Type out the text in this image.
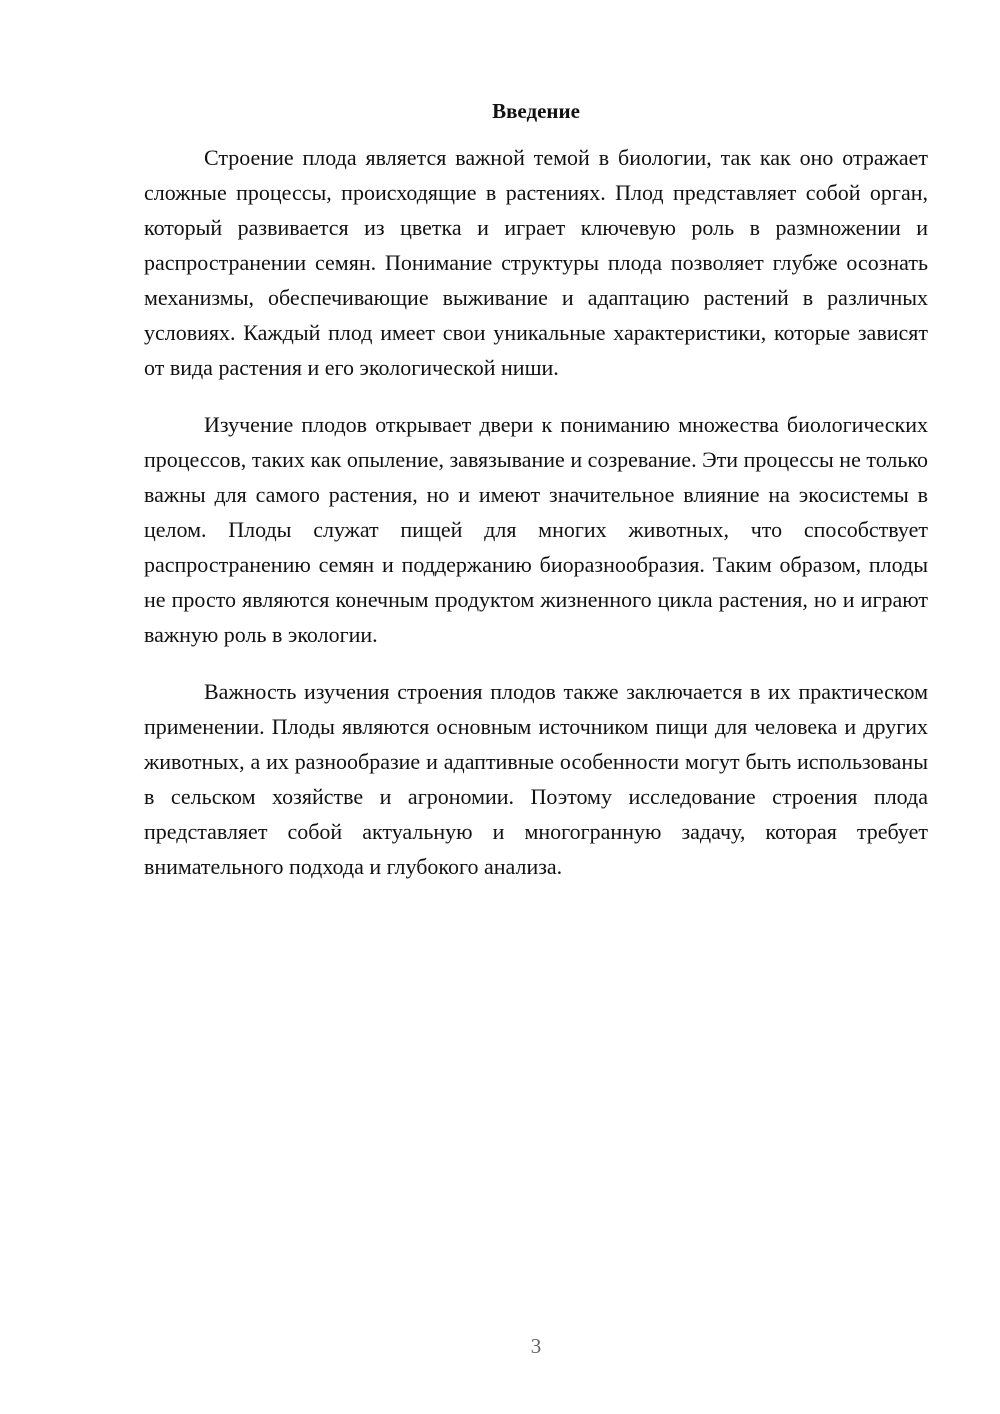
Введение

Строение плода является важной темой в биологии, так как оно отражает сложные процессы, происходящие в растениях. Плод представляет собой орган, который развивается из цветка и играет ключевую роль в размножении и распространении семян. Понимание структуры плода позволяет глубже осознать механизмы, обеспечивающие выживание и адаптацию растений в различных условиях. Каждый плод имеет свои уникальные характеристики, которые зависят от вида растения и его экологической ниши.

Изучение плодов открывает двери к пониманию множества биологических процессов, таких как опыление, завязывание и созревание. Эти процессы не только важны для самого растения, но и имеют значительное влияние на экосистемы в целом. Плоды служат пищей для многих животных, что способствует распространению семян и поддержанию биоразнообразия. Таким образом, плоды не просто являются конечным продуктом жизненного цикла растения, но и играют важную роль в экологии.

Важность изучения строения плодов также заключается в их практическом применении. Плоды являются основным источником пищи для человека и других животных, а их разнообразие и адаптивные особенности могут быть использованы в сельском хозяйстве и агрономии. Поэтому исследование строения плода представляет собой актуальную и многогранную задачу, которая требует внимательного подхода и глубокого анализа.

3
